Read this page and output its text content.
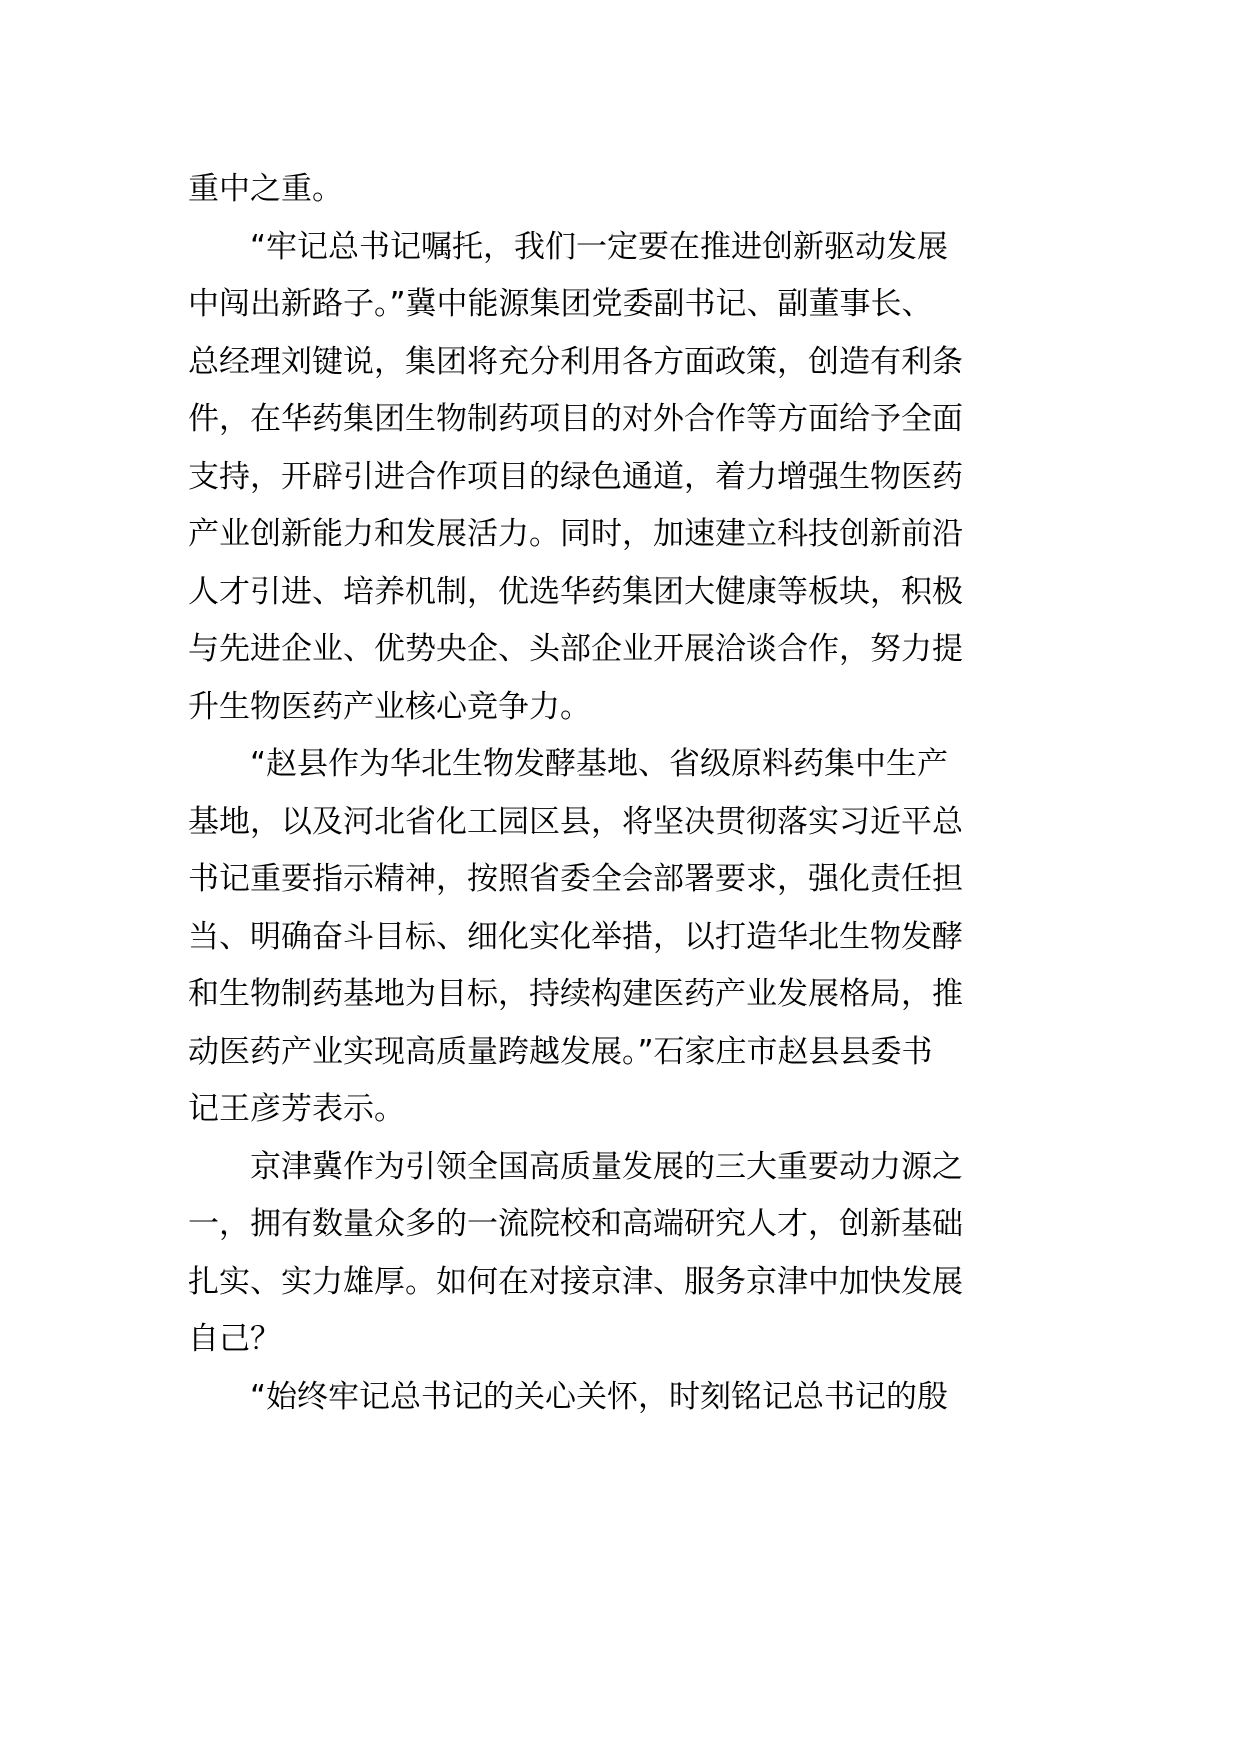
重中之重。
“牢记总书记嘱托，我们一定要在推进创新驱动发展
中闯出新路子。”冀中能源集团党委副书记、副董事长、
总经理刘键说，集团将充分利用各方面政策，创造有利条
件，在华药集团生物制药项目的对外合作等方面给予全面
支持，开辟引进合作项目的绿色通道，着力增强生物医药
产业创新能力和发展活力。同时，加速建立科技创新前沿
人才引进、培养机制，优选华药集团大健康等板块，积极
与先进企业、优势央企、头部企业开展洽谈合作，努力提
升生物医药产业核心竞争力。
“赵县作为华北生物发酵基地、省级原料药集中生产
基地，以及河北省化工园区县，将坚决贯彻落实习近平总
书记重要指示精神，按照省委全会部署要求，强化责任担
当、明确奋斗目标、细化实化举措，以打造华北生物发酵
和生物制药基地为目标，持续构建医药产业发展格局，推
动医药产业实现高质量跨越发展。”石家庄市赵县县委书
记王彦芳表示。
京津冀作为引领全国高质量发展的三大重要动力源之
一，拥有数量众多的一流院校和高端研究人才，创新基础
扎实、实力雄厚。如何在对接京津、服务京津中加快发展
自己？
“始终牢记总书记的关心关怀，时刻铭记总书记的殷
